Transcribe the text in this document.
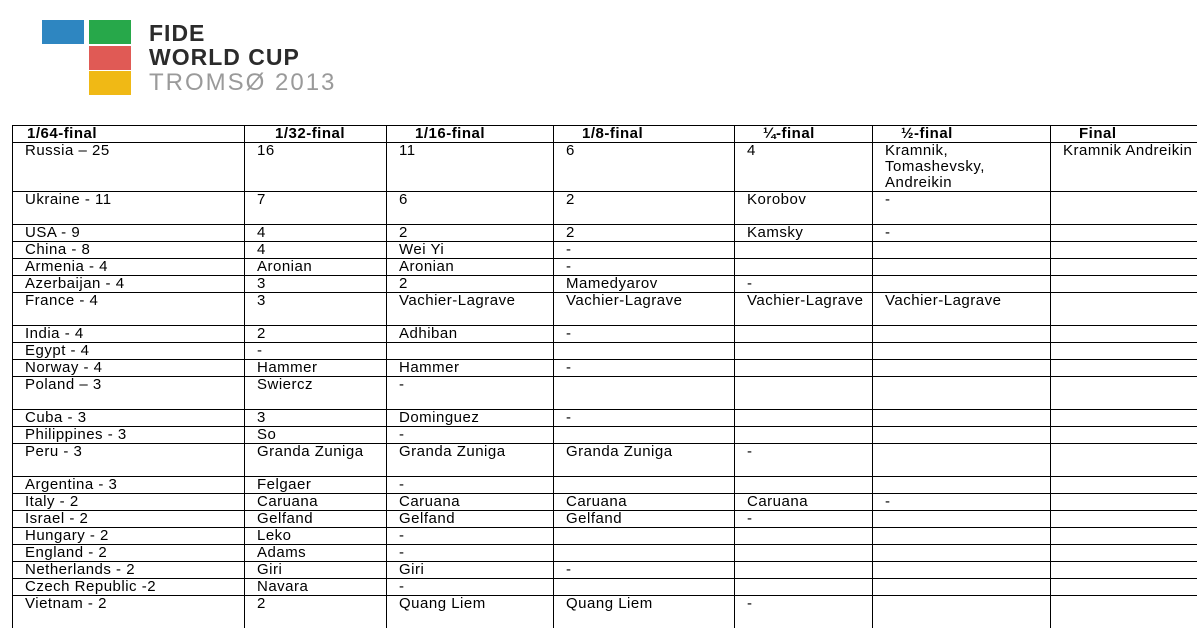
FIDE
WORLD CUP
TROMSØ 2013
1/64-final	1/32-final	1/16-final	1/8-final	¼-final	½-final	Final
Russia – 25	16	11	6	4	Kramnik, Tomashevsky, Andreikin	Kramnik Andreikin
Ukraine - 11	7	6	2	Korobov	-	
USA - 9	4	2	2	Kamsky	-	
China - 8	4	Wei Yi	-			
Armenia - 4	Aronian	Aronian	-			
Azerbaijan - 4	3	2	Mamedyarov	-		
France - 4	3	Vachier-Lagrave	Vachier-Lagrave	Vachier-Lagrave	Vachier-Lagrave	
India - 4	2	Adhiban	-			
Egypt - 4	-					
Norway - 4	Hammer	Hammer	-			
Poland – 3	Swiercz	-				
Cuba - 3	3	Dominguez	-			
Philippines - 3	So	-				
Peru - 3	Granda Zuniga	Granda Zuniga	Granda Zuniga	-		
Argentina - 3	Felgaer	-				
Italy - 2	Caruana	Caruana	Caruana	Caruana	-	
Israel - 2	Gelfand	Gelfand	Gelfand	-		
Hungary - 2	Leko	-				
England - 2	Adams	-				
Netherlands - 2	Giri	Giri	-			
Czech Republic -2	Navara	-				
Vietnam - 2	2	Quang Liem	Quang Liem	-		
